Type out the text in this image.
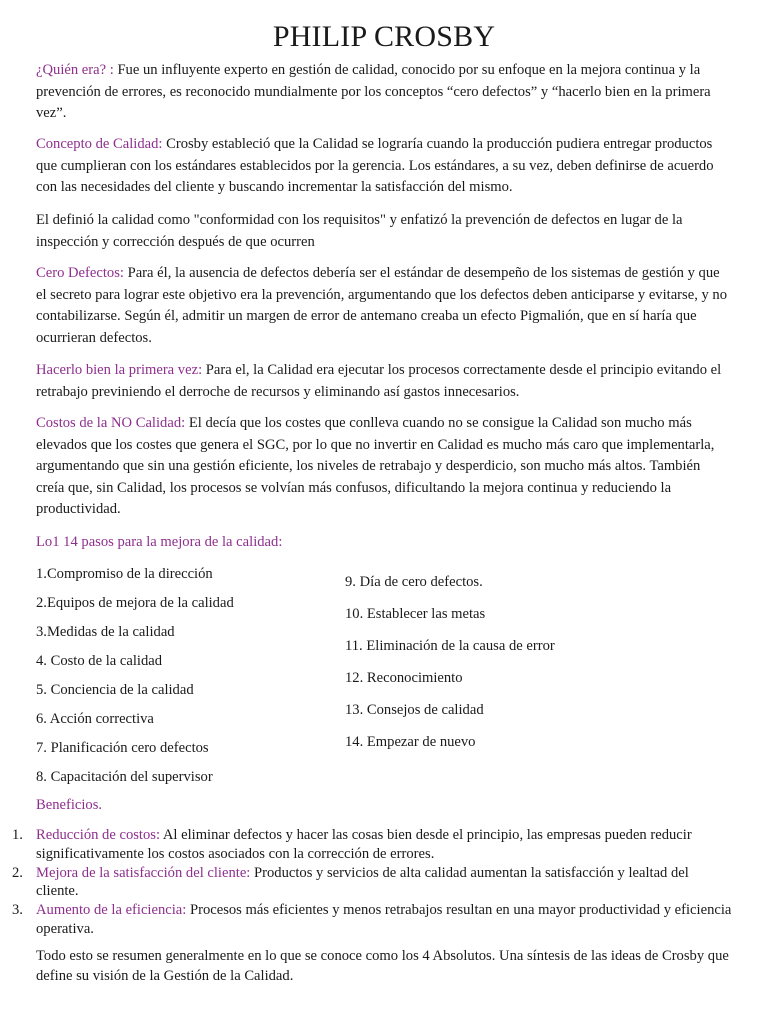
PHILIP CROSBY

¿Quién era? : Fue un influyente experto en gestión de calidad, conocido por su enfoque en la mejora continua y la prevención de errores, es reconocido mundialmente por los conceptos “cero defectos” y “hacerlo bien en la primera vez”.

Concepto de Calidad: Crosby estableció que la Calidad se lograría cuando la producción pudiera entregar productos que cumplieran con los estándares establecidos por la gerencia. Los estándares, a su vez, deben definirse de acuerdo con las necesidades del cliente y buscando incrementar la satisfacción del mismo.

El definió la calidad como "conformidad con los requisitos" y enfatizó la prevención de defectos en lugar de la inspección y corrección después de que ocurren

Cero Defectos: Para él, la ausencia de defectos debería ser el estándar de desempeño de los sistemas de gestión y que el secreto para lograr este objetivo era la prevención, argumentando que los defectos deben anticiparse y evitarse, y no contabilizarse. Según él, admitir un margen de error de antemano creaba un efecto Pigmalión, que en sí haría que ocurrieran defectos.

Hacerlo bien la primera vez: Para el, la Calidad era ejecutar los procesos correctamente desde el principio evitando el retrabajo previniendo el derroche de recursos y eliminando así gastos innecesarios.

Costos de la NO Calidad: El decía que los costes que conlleva cuando no se consigue la Calidad son mucho más elevados que los costes que genera el SGC, por lo que no invertir en Calidad es mucho más caro que implementarla, argumentando que sin una gestión eficiente, los niveles de retrabajo y desperdicio, son mucho más altos. También creía que, sin Calidad, los procesos se volvían más confusos, dificultando la mejora continua y reduciendo la productividad.

Lo1 14 pasos para la mejora de la calidad:

1.Compromiso de la dirección
2.Equipos de mejora de la calidad
3.Medidas de la calidad
4. Costo de la calidad
5. Conciencia de la calidad
6. Acción correctiva
7. Planificación cero defectos
8. Capacitación del supervisor
9. Día de cero defectos.
10. Establecer las metas
11. Eliminación de la causa de error
12. Reconocimiento
13. Consejos de calidad
14. Empezar de nuevo

Beneficios.

1. Reducción de costos: Al eliminar defectos y hacer las cosas bien desde el principio, las empresas pueden reducir significativamente los costos asociados con la corrección de errores.
2. Mejora de la satisfacción del cliente: Productos y servicios de alta calidad aumentan la satisfacción y lealtad del cliente.
3. Aumento de la eficiencia: Procesos más eficientes y menos retrabajos resultan en una mayor productividad y eficiencia operativa.

Todo esto se resumen generalmente en lo que se conoce como los 4 Absolutos. Una síntesis de las ideas de Crosby que define su visión de la Gestión de la Calidad.
